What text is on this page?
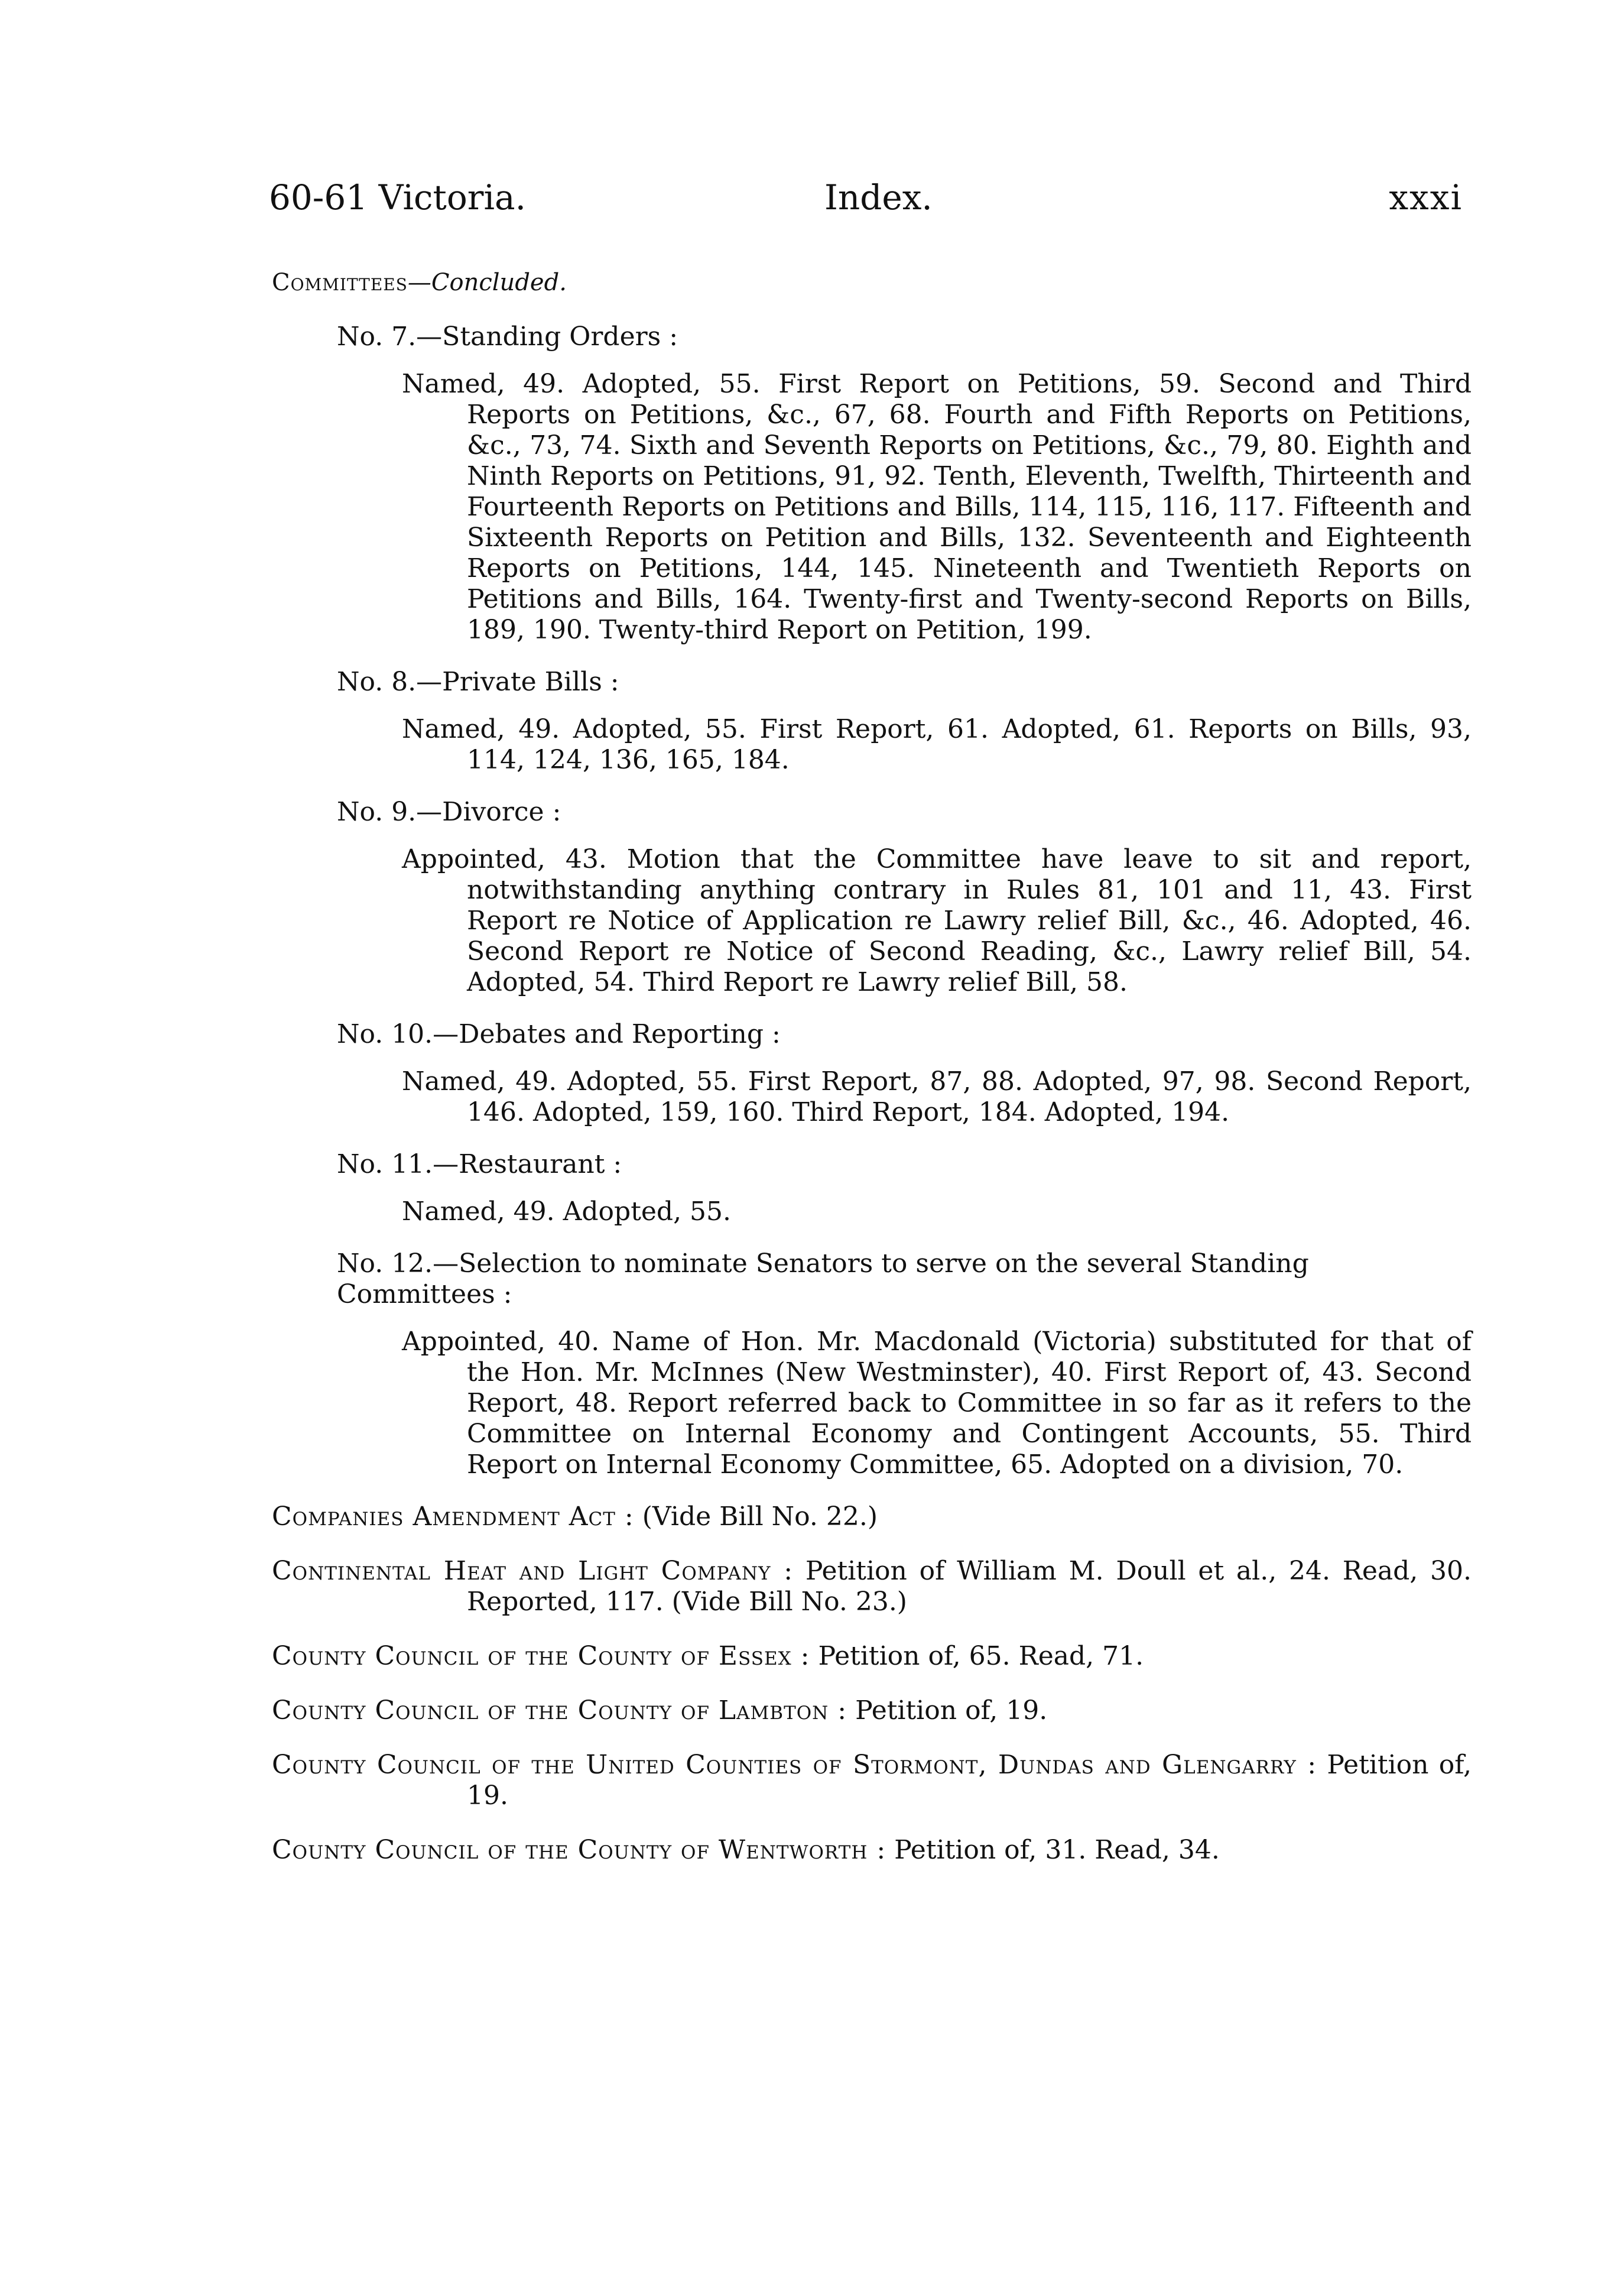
60-61 Victoria.	Index.	xxxi
Committees—Concluded.
No. 7.—Standing Orders :
Named, 49. Adopted, 55. First Report on Petitions, 59. Second and Third Reports on Petitions, &c., 67, 68. Fourth and Fifth Reports on Petitions, &c., 73, 74. Sixth and Seventh Reports on Petitions, &c., 79, 80. Eighth and Ninth Reports on Petitions, 91, 92. Tenth, Eleventh, Twelfth, Thirteenth and Fourteenth Reports on Petitions and Bills, 114, 115, 116, 117. Fifteenth and Sixteenth Reports on Petition and Bills, 132. Seventeenth and Eighteenth Reports on Petitions, 144, 145. Nineteenth and Twentieth Reports on Petitions and Bills, 164. Twenty-first and Twenty-second Reports on Bills, 189, 190. Twenty-third Report on Petition, 199.
No. 8.—Private Bills :
Named, 49. Adopted, 55. First Report, 61. Adopted, 61. Reports on Bills, 93, 114, 124, 136, 165, 184.
No. 9.—Divorce :
Appointed, 43. Motion that the Committee have leave to sit and report, notwithstanding anything contrary in Rules 81, 101 and 11, 43. First Report re Notice of Application re Lawry relief Bill, &c., 46. Adopted, 46. Second Report re Notice of Second Reading, &c., Lawry relief Bill, 54. Adopted, 54. Third Report re Lawry relief Bill, 58.
No. 10.—Debates and Reporting :
Named, 49. Adopted, 55. First Report, 87, 88. Adopted, 97, 98. Second Report, 146. Adopted, 159, 160. Third Report, 184. Adopted, 194.
No. 11.—Restaurant :
Named, 49. Adopted, 55.
No. 12.—Selection to nominate Senators to serve on the several Standing Committees :
Appointed, 40. Name of Hon. Mr. Macdonald (Victoria) substituted for that of the Hon. Mr. McInnes (New Westminster), 40. First Report of, 43. Second Report, 48. Report referred back to Committee in so far as it refers to the Committee on Internal Economy and Contingent Accounts, 55. Third Report on Internal Economy Committee, 65. Adopted on a division, 70.
Companies Amendment Act : (Vide Bill No. 22.)
Continental Heat and Light Company : Petition of William M. Doull et al., 24. Read, 30. Reported, 117. (Vide Bill No. 23.)
County Council of the County of Essex : Petition of, 65. Read, 71.
County Council of the County of Lambton : Petition of, 19.
County Council of the United Counties of Stormont, Dundas and Glengarry : Petition of, 19.
County Council of the County of Wentworth : Petition of, 31. Read, 34.
